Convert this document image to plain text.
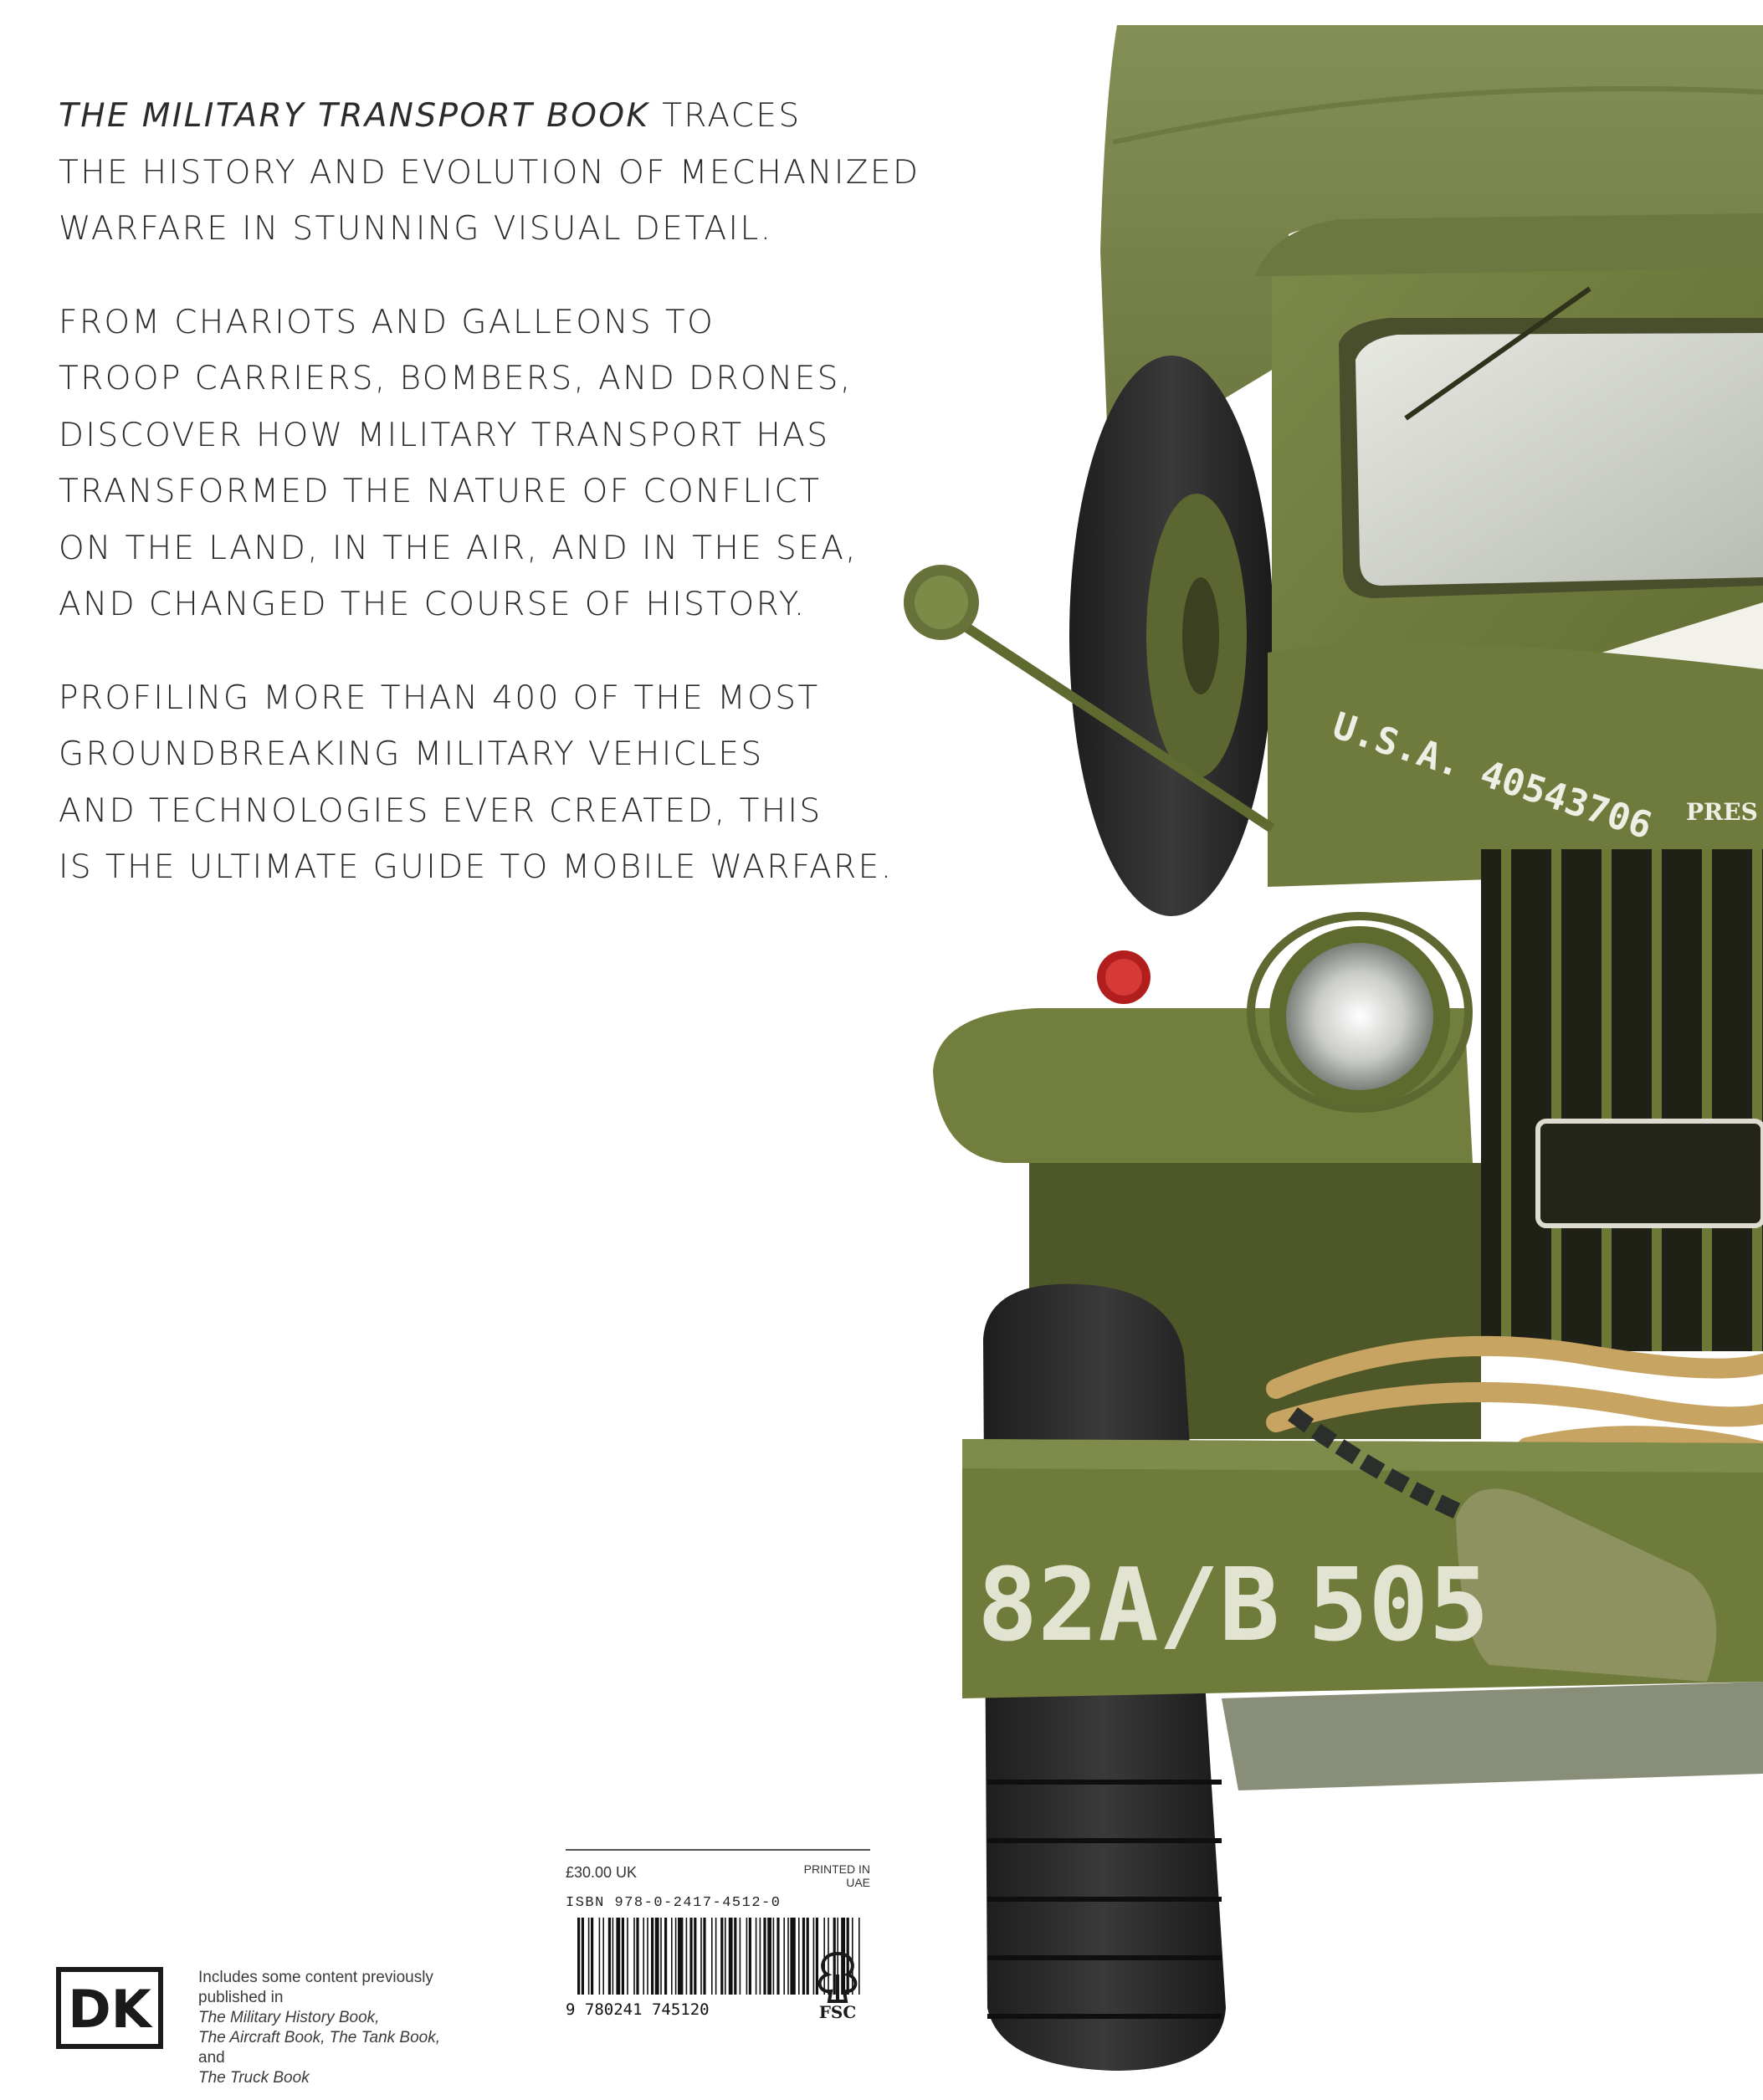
THE MILITARY TRANSPORT BOOK TRACES
THE HISTORY AND EVOLUTION OF MECHANIZED
WARFARE IN STUNNING VISUAL DETAIL.

FROM CHARIOTS AND GALLEONS TO
TROOP CARRIERS, BOMBERS, AND DRONES,
DISCOVER HOW MILITARY TRANSPORT HAS
TRANSFORMED THE NATURE OF CONFLICT
ON THE LAND, IN THE AIR, AND IN THE SEA,
AND CHANGED THE COURSE OF HISTORY.

PROFILING MORE THAN 400 OF THE MOST
GROUNDBREAKING MILITARY VEHICLES
AND TECHNOLOGIES EVER CREATED, THIS
IS THE ULTIMATE GUIDE TO MOBILE WARFARE.

U.S.A. 40543706 PRES
82A/B 505
DK
Includes some content previously
published in
The Military History Book,
The Aircraft Book, The Tank Book,
and
The Truck Book
£30.00 UK	PRINTED IN
UAE
ISBN 978-0-2417-4512-0
9 780241 745120	FSC
